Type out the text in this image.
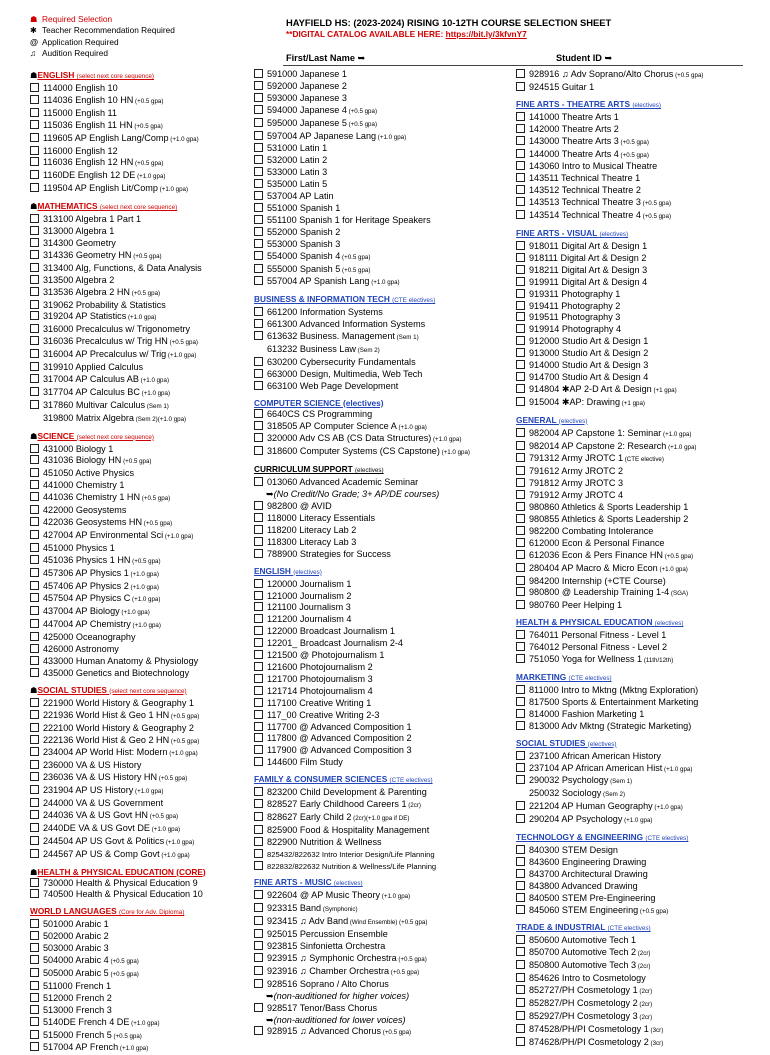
☗ Required Selection
✱ Teacher Recommendation Required
@ Application Required
♫ Audition Required
HAYFIELD HS: (2023-2024) RISING 10-12TH COURSE SELECTION SHEET
**DIGITAL CATALOG AVAILABLE HERE: https://bit.ly/3kfvnY7
First/Last Name ➥	Student ID ➥
☗ENGLISH (select next core sequence)
114000 English 10
114036 English 10 HN (+0.5 gpa)
115000 English 11
115036 English 11 HN (+0.5 gpa)
119605 AP English Lang/Comp (+1.0 gpa)
116000 English 12
116036 English 12 HN (+0.5 gpa)
1160DE English 12 DE (+1.0 gpa)
119504 AP English Lit/Comp (+1.0 gpa)
☗MATHEMATICS (select next core sequence)
313100 Algebra 1 Part 1
313000 Algebra 1
314300 Geometry
314336 Geometry HN (+0.5 gpa)
313400 Alg, Functions, & Data Analysis
313500 Algebra 2
313536 Algebra 2 HN (+0.5 gpa)
319062 Probability & Statistics
319204 AP Statistics (+1.0 gpa)
316000 Precalculus w/ Trigonometry
316036 Precalculus w/ Trig HN (+0.5 gpa)
316004 AP Precalculus w/ Trig (+1.0 gpa)
319910 Applied Calculus
317004 AP Calculus AB (+1.0 gpa)
317704 AP Calculus BC (+1.0 gpa)
317860 Multivar Calculus (Sem 1)
319800 Matrix Algebra (Sem 2)(+1.0 gpa)
☗SCIENCE (select next core sequence)
431000 Biology 1
431036 Biology HN (+0.5 gpa)
451050 Active Physics
441000 Chemistry 1
441036 Chemistry 1 HN (+0.5 gpa)
422000 Geosystems
422036 Geosystems HN (+0.5 gpa)
427004 AP Environmental Sci (+1.0 gpa)
451000 Physics 1
451036 Physics 1 HN (+0.5 gpa)
457306 AP Physics 1 (+1.0 gpa)
457406 AP Physics 2 (+1.0 gpa)
457504 AP Physics C (+1.0 gpa)
437004 AP Biology (+1.0 gpa)
447004 AP Chemistry (+1.0 gpa)
425000 Oceanography
426000 Astronomy
433000 Human Anatomy & Physiology
435000 Genetics and Biotechnology
☗SOCIAL STUDIES (select next core sequence)
221900 World History & Geography 1
221936 World Hist & Geo 1 HN (+0.5 gpa)
222100 World History & Geography 2
222136 World Hist & Geo 2 HN (+0.5 gpa)
234004 AP World Hist: Modern (+1.0 gpa)
236000 VA & US History
236036 VA & US History HN (+0.5 gpa)
231904 AP US History (+1.0 gpa)
244000 VA & US Government
244036 VA & US Govt HN (+0.5 gpa)
2440DE VA & US Govt DE (+1.0 gpa)
244504 AP US Govt & Politics (+1.0 gpa)
244567 AP US & Comp Govt (+1.0 gpa)
☗HEALTH & PHYSICAL EDUCATION (CORE)
730000 Health & Physical Education 9
740500 Health & Physical Education 10
WORLD LANGUAGES (Core for Adv. Diploma)
501000 Arabic 1
502000 Arabic 2
503000 Arabic 3
504000 Arabic 4 (+0.5 gpa)
505000 Arabic 5 (+0.5 gpa)
511000 French 1
512000 French 2
513000 French 3
5140DE French 4 DE (+1.0 gpa)
515000 French 5 (+0.5 gpa)
517004 AP French (+1.0 gpa)
591000 Japanese 1
592000 Japanese 2
593000 Japanese 3
594000 Japanese 4 (+0.5 gpa)
595000 Japanese 5 (+0.5 gpa)
597004 AP Japanese Lang (+1.0 gpa)
531000 Latin 1
532000 Latin 2
533000 Latin 3
535000 Latin 5
537004 AP Latin
551000 Spanish 1
551100 Spanish 1 for Heritage Speakers
552000 Spanish 2
553000 Spanish 3
554000 Spanish 4 (+0.5 gpa)
555000 Spanish 5 (+0.5 gpa)
557004 AP Spanish Lang (+1.0 gpa)
BUSINESS & INFORMATION TECH (CTE electives)
661200 Information Systems
661300 Advanced Information Systems
613632 Business. Management (Sem 1)
613232 Business Law (Sem 2)
630200 Cybersecurity Fundamentals
663000 Design, Multimedia, Web Tech
663100 Web Page Development
COMPUTER SCIENCE (electives)
6640CS CS Programming
318505 AP Computer Science A (+1.0 gpa)
320000 Adv CS AB (CS Data Structures) (+1.0 gpa)
318600 Computer Systems (CS Capstone) (+1.0 gpa)
CURRICULUM SUPPORT (electives)
013060 Advanced Academic Seminar
➥(No Credit/No Grade; 3+ AP/DE courses)
982800 @ AVID
118000 Literacy Essentials
118200 Literacy Lab 2
118300 Literacy Lab 3
788900 Strategies for Success
ENGLISH (electives)
120000 Journalism 1
121000 Journalism 2
121100 Journalism 3
121200 Journalism 4
122000 Broadcast Journalism 1
12201_ Broadcast Journalism 2-4
121500 @ Photojournalism 1
121600 Photojournalism 2
121700 Photojournalism 3
121714 Photojournalism 4
117100 Creative Writing 1
117_00 Creative Writing 2-3
117700 @ Advanced Composition 1
117800 @ Advanced Composition 2
117900 @ Advanced Composition 3
144600 Film Study
FAMILY & CONSUMER SCIENCES (CTE electives)
823200 Child Development & Parenting
828527 Early Childhood Careers 1 (2cr)
828627 Early Child 2 (2cr)(+1.0 gpa if DE)
825900 Food & Hospitality Management
822900 Nutrition & Wellness
825432/822632 Intro Interior Design/Life Planning
822832/822632 Nutrition & Wellness/Life Planning
FINE ARTS - MUSIC (electives)
922604 @ AP Music Theory (+1.0 gpa)
923315 Band (Symphonic)
923415 ♫ Adv Band (Wind Ensemble) (+0.5 gpa)
925015 Percussion Ensemble
923815 Sinfonietta Orchestra
923915 ♫ Symphonic Orchestra (+0.5 gpa)
923916 ♫ Chamber Orchestra (+0.5 gpa)
928516 Soprano / Alto Chorus
➥(non-auditioned for higher voices)
928517 Tenor/Bass Chorus
➥(non-auditioned for lower voices)
928915 ♫ Advanced Chorus (+0.5 gpa)
928916 ♫ Adv Soprano/Alto Chorus (+0.5 gpa)
924515 Guitar 1
FINE ARTS - THEATRE ARTS (electives)
141000 Theatre Arts 1
142000 Theatre Arts 2
143000 Theatre Arts 3 (+0.5 gpa)
144000 Theatre Arts 4 (+0.5 gpa)
143060 Intro to Musical Theatre
143511 Technical Theatre 1
143512 Technical Theatre 2
143513 Technical Theatre 3 (+0.5 gpa)
143514 Technical Theatre 4 (+0.5 gpa)
FINE ARTS - VISUAL (electives)
918011 Digital Art & Design 1
918111 Digital Art & Design 2
918211 Digital Art & Design 3
919911 Digital Art & Design 4
919311 Photography 1
919411 Photography 2
919511 Photography 3
919914 Photography 4
912000 Studio Art & Design 1
913000 Studio Art & Design 2
914000 Studio Art & Design 3
914700 Studio Art & Design 4
914804 ✱AP 2-D Art & Design (+1 gpa)
915004 ✱AP: Drawing (+1 gpa)
GENERAL (electives)
982004 AP Capstone 1: Seminar (+1.0 gpa)
982014 AP Capstone 2: Research (+1.0 gpa)
791312 Army JROTC 1 (CTE elective)
791612 Army JROTC 2
791812 Army JROTC 3
791912 Army JROTC 4
980860 Athletics & Sports Leadership 1
980855 Athletics & Sports Leadership 2
982200 Combating Intolerance
612000 Econ & Personal Finance
612036 Econ & Pers Finance HN (+0.5 gpa)
280404 AP Macro & Micro Econ (+1.0 gpa)
984200 Internship (+CTE Course)
980800 @ Leadership Training 1-4 (SGA)
980760 Peer Helping 1
HEALTH & PHYSICAL EDUCATION (electives)
764011 Personal Fitness - Level 1
764012 Personal Fitness - Level 2
751050 Yoga for Wellness 1 (11th/12th)
MARKETING (CTE electives)
811000 Intro to Mktng (Mktng Exploration)
817500 Sports & Entertainment Marketing
814000 Fashion Marketing 1
813000 Adv Mktng (Strategic Marketing)
SOCIAL STUDIES (electives)
237100 African American History
237104 AP African American Hist (+1.0 gpa)
290032 Psychology (Sem 1)
250032 Sociology (Sem 2)
221204 AP Human Geography (+1.0 gpa)
290204 AP Psychology (+1.0 gpa)
TECHNOLOGY & ENGINEERING (CTE electives)
840300 STEM Design
843600 Engineering Drawing
843700 Architectural Drawing
843800 Advanced Drawing
840500 STEM Pre-Engineering
845060 STEM Engineering (+0.5 gpa)
TRADE & INDUSTRIAL (CTE electives)
850600 Automotive Tech 1
850700 Automotive Tech 2 (2cr)
850800 Automotive Tech 3 (2cr)
854626 Intro to Cosmetology
852727/PH Cosmetology 1 (2cr)
852827/PH Cosmetology 2 (2cr)
852927/PH Cosmetology 3 (2cr)
874528/PH/PI Cosmetology 1 (3cr)
874628/PH/PI Cosmetology 2 (3cr)
